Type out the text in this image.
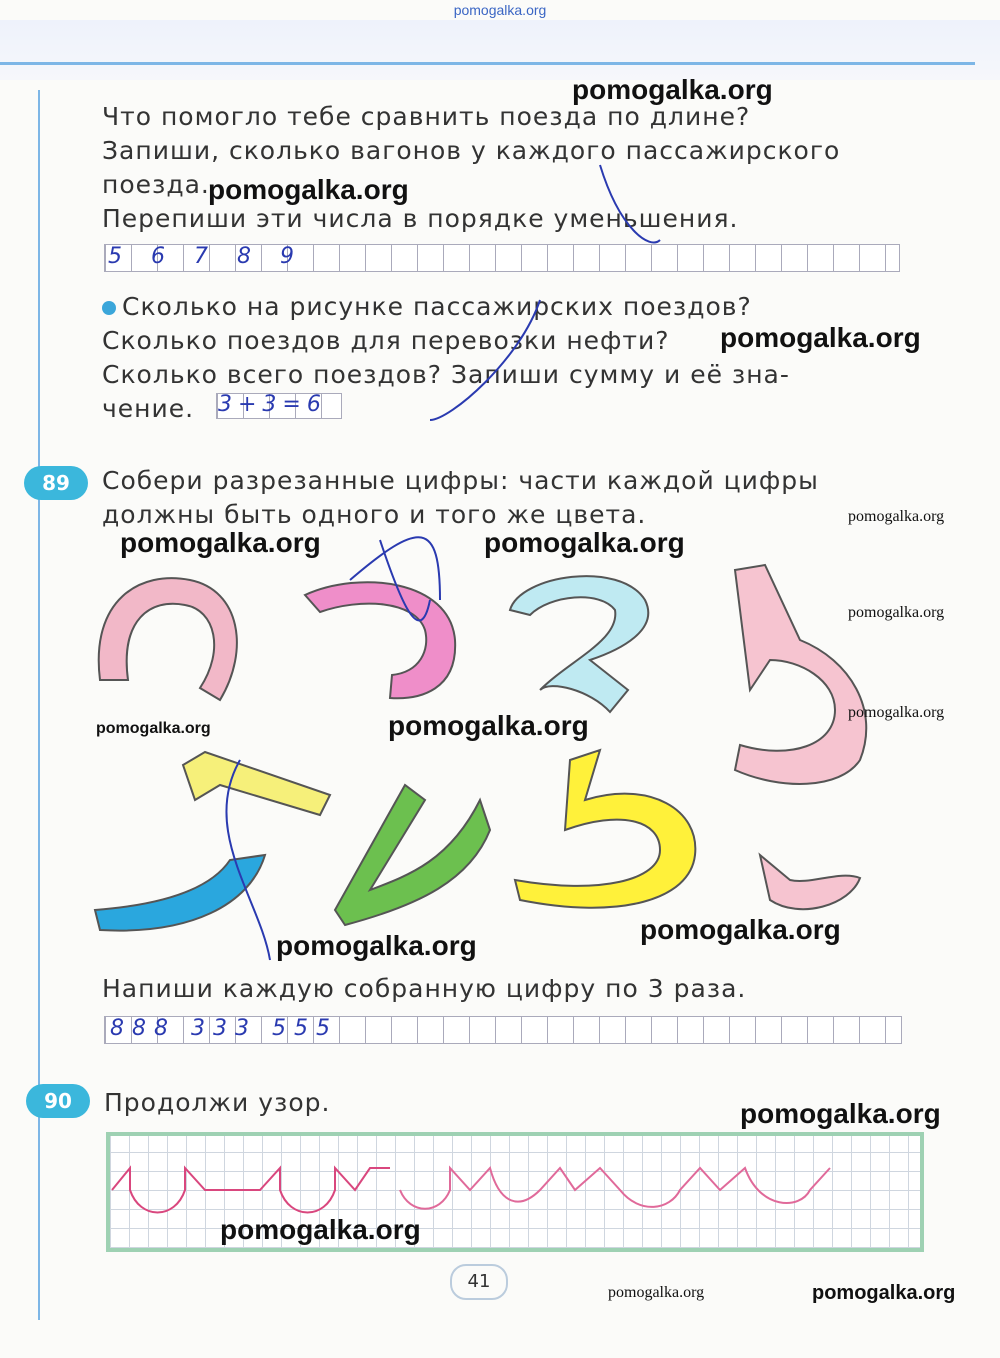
pomogalka.org

Что помогло тебе сравнить поезда по длине?

Запиши, сколько вагонов у каждого пассажирского

поезда.

Перепиши эти числа в порядке уменьшения.

5 6 7 8 9

Сколько на рисунке пассажирских поездов?

Сколько поездов для перевозки нефти?

Сколько всего поездов? Запиши сумму и её зна-

чение.	3+3=6
89	Собери разрезанные цифры: части каждой цифры

должны быть одного и того же цвета.

Напиши каждую собранную цифру по 3 раза.
888 333 555
90	Продолжи узор.
41
pomogalka.org
pomogalka.org
pomogalka.org
pomogalka.org
pomogalka.org	pomogalka.org
pomogalka.org
pomogalka.org
pomogalka.org	pomogalka.org
pomogalka.org
pomogalka.org
pomogalka.org
pomogalka.org
pomogalka.org	pomogalka.org
